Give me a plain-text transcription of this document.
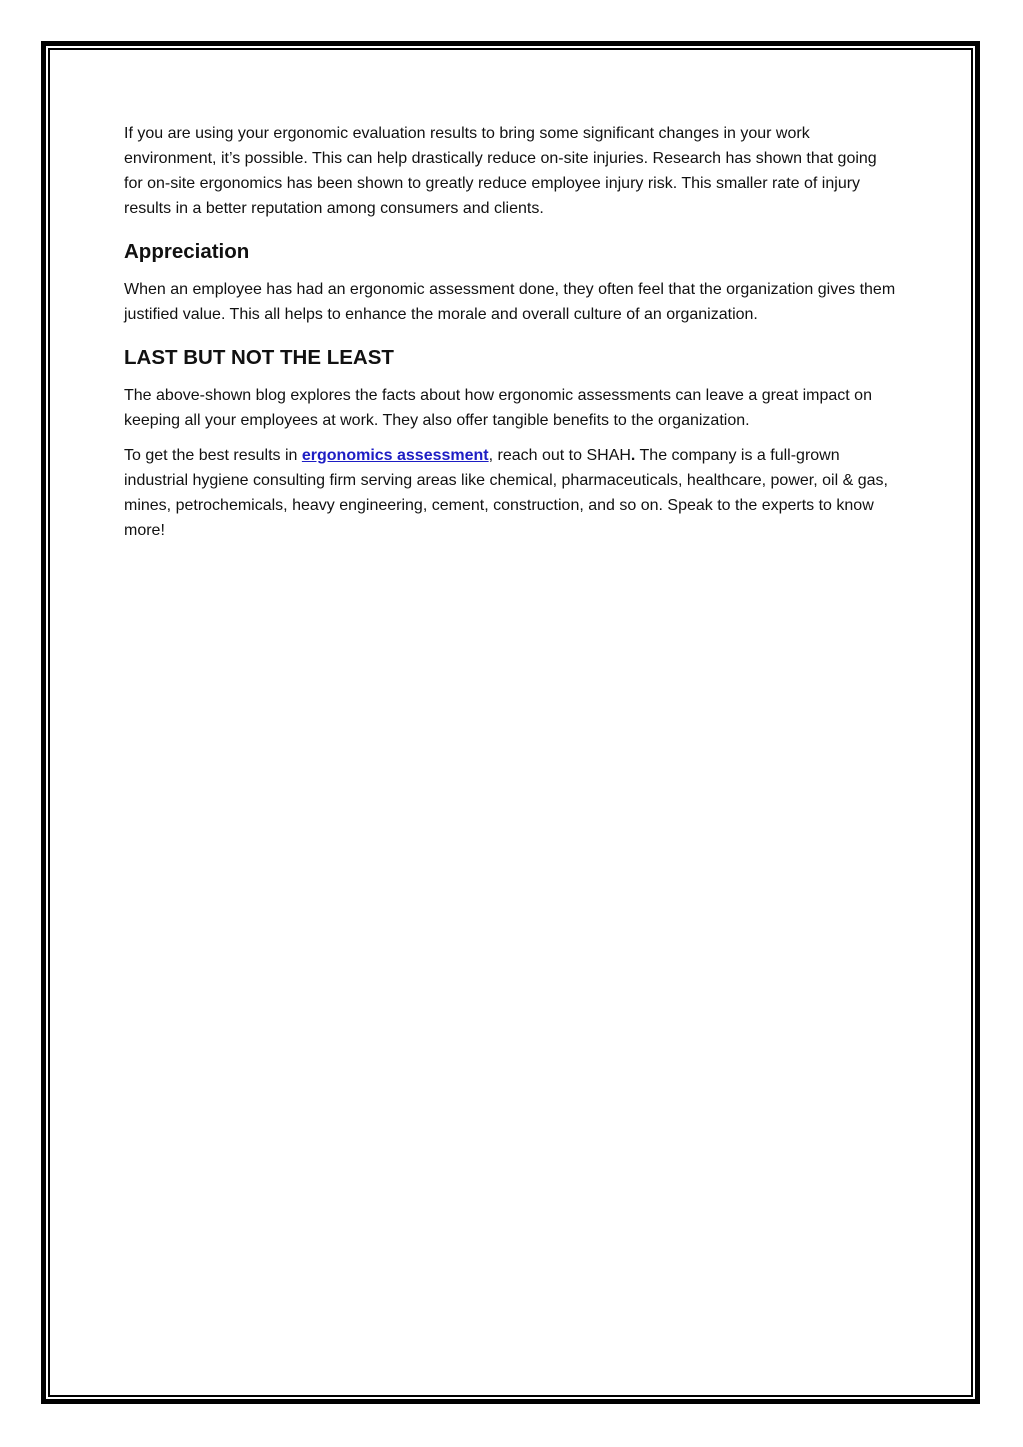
If you are using your ergonomic evaluation results to bring some significant changes in your work environment, it’s possible. This can help drastically reduce on-site injuries. Research has shown that going for on-site ergonomics has been shown to greatly reduce employee injury risk. This smaller rate of injury results in a better reputation among consumers and clients.

Appreciation

When an employee has had an ergonomic assessment done, they often feel that the organization gives them justified value. This all helps to enhance the morale and overall culture of an organization.

LAST BUT NOT THE LEAST

The above-shown blog explores the facts about how ergonomic assessments can leave a great impact on keeping all your employees at work. They also offer tangible benefits to the organization.

To get the best results in ergonomics assessment, reach out to SHAH. The company is a full-grown industrial hygiene consulting firm serving areas like chemical, pharmaceuticals, healthcare, power, oil & gas, mines, petrochemicals, heavy engineering, cement, construction, and so on. Speak to the experts to know more!
